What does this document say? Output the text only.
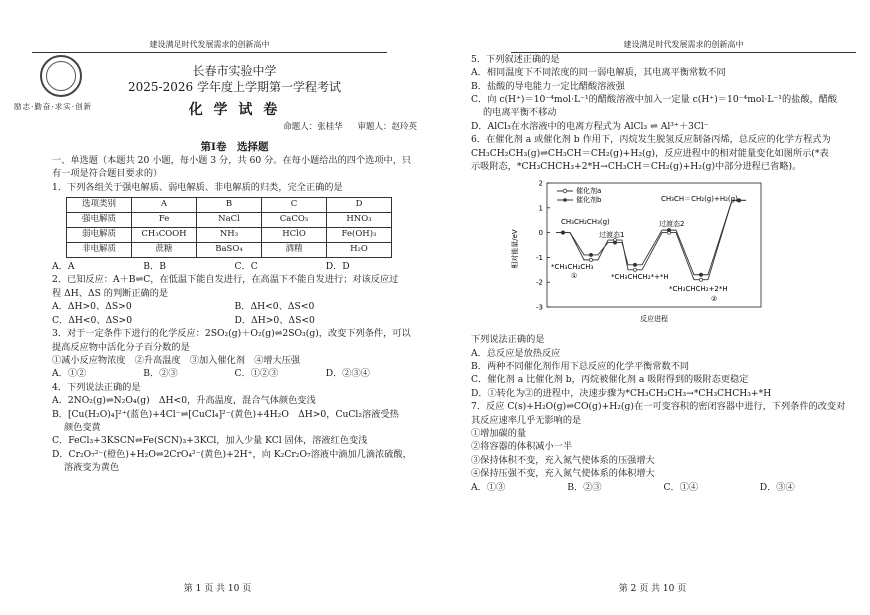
建设满足时代发展需求的创新高中
励志·勤奋·求实·创新
长春市实验中学
2025-2026 学年度上学期第一学程考试
化 学 试 卷
命题人：张桂华 审题人：赵玲英
第Ⅰ卷　选择题
一、单选题（本题共 20 小题，每小题 3 分，共 60 分。在每小题给出的四个选项中，只
有一项是符合题目要求的）
1．下列各组关于强电解质、弱电解质、非电解质的归类，完全正确的是
选项类别	A	B	C	D
强电解质	Fe	NaCl	CaCO₃	HNO₃
弱电解质	CH₃COOH	NH₃	HClO	Fe(OH)₃
非电解质	蔗糖	BaSO₄	酒精	H₂O
A．A	B．B	C．C	D．D
2．已知反应：A＋B⇌C，在低温下能自发进行，在高温下不能自发进行；对该反应过
程 ΔH、ΔS 的判断正确的是
A．ΔH>0、ΔS>0	B．ΔH<0、ΔS<0
C．ΔH<0、ΔS>0	D．ΔH>0、ΔS<0
3．对于一定条件下进行的化学反应：2SO₂(g)＋O₂(g)⇌2SO₃(g)，改变下列条件，可以
提高反应物中活化分子百分数的是
①减小反应物浓度　②升高温度　③加入催化剂　④增大压强
A．①②	B．②③	C．①②③	D．②③④
4．下列说法正确的是
A．2NO₂(g)⇌N₂O₄(g)　ΔH<0，升高温度，混合气体颜色变浅
B．[Cu(H₂O)₄]²⁺(蓝色)+4Cl⁻⇌[CuCl₄]²⁻(黄色)+4H₂O　ΔH>0，CuCl₂溶液受热
颜色变黄
C．FeCl₃+3KSCN⇌Fe(SCN)₃+3KCl，加入少量 KCl 固体，溶液红色变浅
D．Cr₂O₇²⁻(橙色)+H₂O⇌2CrO₄²⁻(黄色)+2H⁺，向 K₂Cr₂O₇溶液中滴加几滴浓硫酸，
溶液变为黄色
第 1 页 共 10 页
建设满足时代发展需求的创新高中
5．下列叙述正确的是
A．相同温度下不同浓度的同一弱电解质，其电离平衡常数不同
B．盐酸的导电能力一定比醋酸溶液强
C．向 c(H⁺)＝10⁻⁴mol·L⁻¹的醋酸溶液中加入一定量 c(H⁺)＝10⁻⁴mol·L⁻¹的盐酸，醋酸
的电离平衡不移动
D．AlCl₃在水溶液中的电离方程式为 AlCl₃ ⇌ Al³⁺＋3Cl⁻
6．在催化剂 a 或催化剂 b 作用下，丙烷发生脱氢反应制备丙烯，总反应的化学方程式为
CH₃CH₂CH₃(g)⇌CH₃CH＝CH₂(g)+H₂(g)，反应进程中的相对能量变化如图所示(*表
示吸附态，*CH₃CHCH₃+2*H→CH₃CH＝CH₂(g)+H₂(g)中部分进程已省略)。
2
1
0
-1
-2
-3
相对能量/eV
反应进程
催化剂a
催化剂b
CH₃CH₂CH₃(g)
过渡态1
过渡态2
CH₃CH＝CH₂(g)+H₂(g)
*CH₃CH₂CH₃
①	*CH₃CHCH₂*+*H
*CH₃CHCH₂+2*H
②
下列说法正确的是
A．总反应是放热反应
B．两种不同催化剂作用下总反应的化学平衡常数不同
C．催化剂 a 比催化剂 b，丙烷被催化剂 a 吸附得到的吸附态更稳定
D．①转化为②的进程中，决速步骤为*CH₃CH₂CH₃→*CH₃CHCH₃+*H
7．反应 C(s)+H₂O(g)⇌CO(g)+H₂(g)在一可变容积的密闭容器中进行，下列条件的改变对
其反应速率几乎无影响的是
①增加碳的量
②将容器的体积减小一半
③保持体积不变，充入氮气使体系的压强增大
④保持压强不变，充入氮气使体系的体积增大
A．①③	B．②③	C．①④	D．③④
第 2 页 共 10 页
